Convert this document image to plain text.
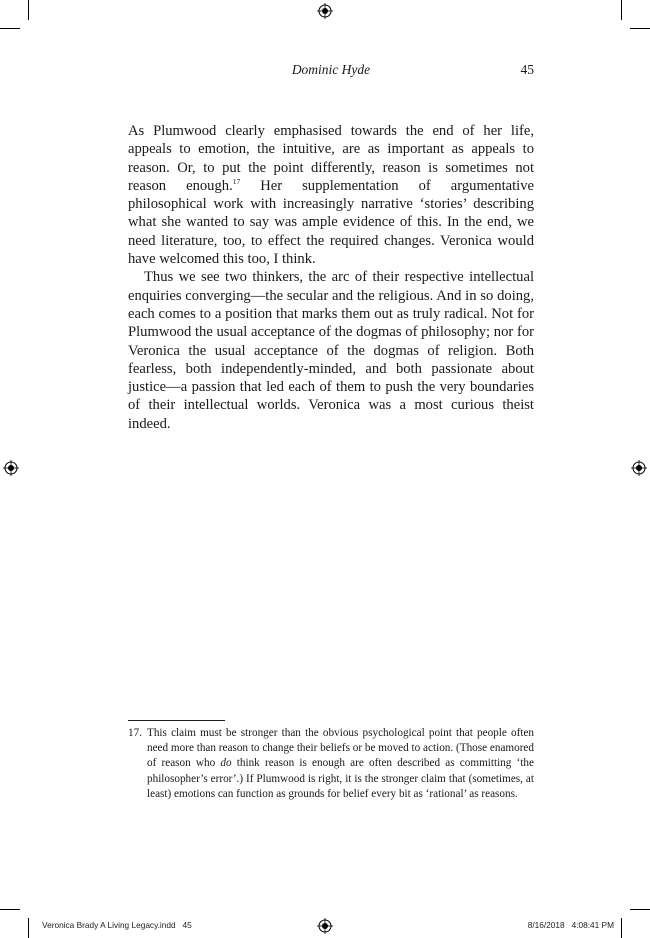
Dominic Hyde	45

As Plumwood clearly emphasised towards the end of her life, appeals to emotion, the intuitive, are as important as appeals to reason. Or, to put the point differently, reason is sometimes not reason enough.$^{17}$ Her supplementation of argumentative philosophical work with increasingly narrative ‘stories’ describing what she wanted to say was ample evidence of this. In the end, we need literature, too, to effect the required changes. Veronica would have welcomed this too, I think.

Thus we see two thinkers, the arc of their respective intellectual enquiries converging—the secular and the religious. And in so doing, each comes to a position that marks them out as truly radical. Not for Plumwood the usual acceptance of the dogmas of philosophy; nor for Veronica the usual acceptance of the dogmas of religion. Both fearless, both independently-minded, and both passionate about justice—a passion that led each of them to push the very boundaries of their intellectual worlds. Veronica was a most curious theist indeed.

17. This claim must be stronger than the obvious psychological point that people often need more than reason to change their beliefs or be moved to action. (Those enamored of reason who do think reason is enough are often described as committing ‘the philosopher’s error’.) If Plumwood is right, it is the stronger claim that (sometimes, at least) emotions can function as grounds for belief every bit as ‘rational’ as reasons.
Veronica Brady A Living Legacy.indd 45	8/16/2018 4:08:41 PM
